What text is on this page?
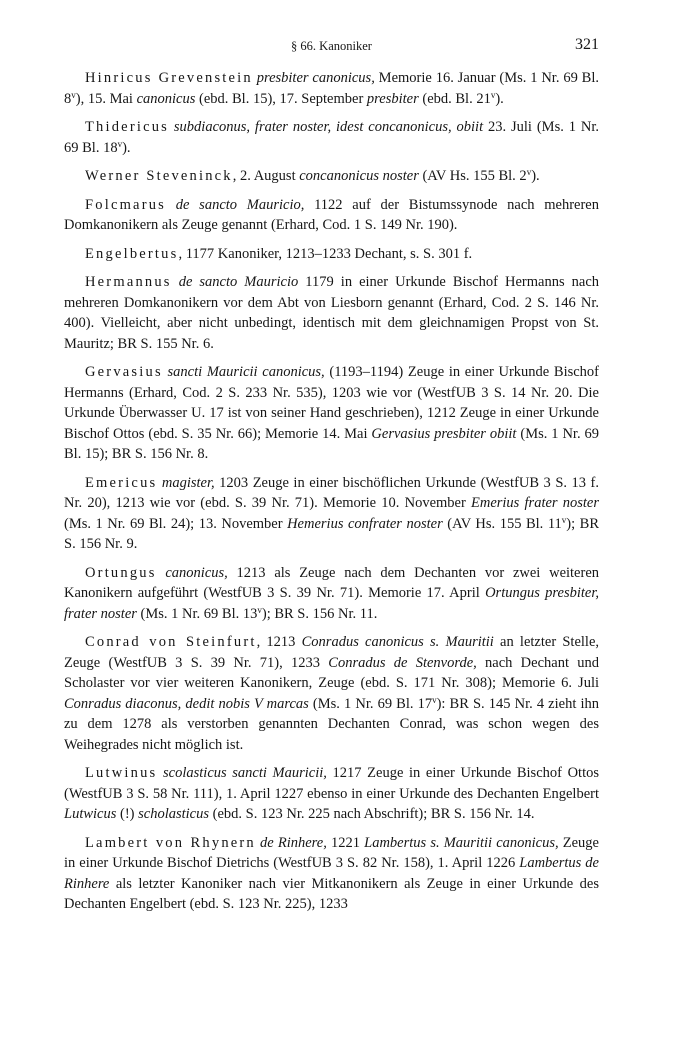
§ 66. Kanoniker	321

Hinricus Grevenstein presbiter canonicus, Memorie 16. Januar (Ms. 1 Nr. 69 Bl. 8$^v$), 15. Mai canonicus (ebd. Bl. 15), 17. September presbiter (ebd. Bl. 21$^v$).

Thidericus subdiaconus, frater noster, idest concanonicus, obiit 23. Juli (Ms. 1 Nr. 69 Bl. 18$^v$).

Werner Steveninck, 2. August concanonicus noster (AV Hs. 155 Bl. 2$^v$).

Folcmarus de sancto Mauricio, 1122 auf der Bistumssynode nach mehreren Domkanonikern als Zeuge genannt (Erhard, Cod. 1 S. 149 Nr. 190).

Engelbertus, 1177 Kanoniker, 1213–1233 Dechant, s. S. 301 f.

Hermannus de sancto Mauricio 1179 in einer Urkunde Bischof Hermanns nach mehreren Domkanonikern vor dem Abt von Liesborn genannt (Erhard, Cod. 2 S. 146 Nr. 400). Vielleicht, aber nicht unbedingt, identisch mit dem gleichnamigen Propst von St. Mauritz; BR S. 155 Nr. 6.

Gervasius sancti Mauricii canonicus, (1193–1194) Zeuge in einer Urkunde Bischof Hermanns (Erhard, Cod. 2 S. 233 Nr. 535), 1203 wie vor (WestfUB 3 S. 14 Nr. 20. Die Urkunde Überwasser U. 17 ist von seiner Hand geschrieben), 1212 Zeuge in einer Urkunde Bischof Ottos (ebd. S. 35 Nr. 66); Memorie 14. Mai Gervasius presbiter obiit (Ms. 1 Nr. 69 Bl. 15); BR S. 156 Nr. 8.

Emericus magister, 1203 Zeuge in einer bischöflichen Urkunde (WestfUB 3 S. 13 f. Nr. 20), 1213 wie vor (ebd. S. 39 Nr. 71). Memorie 10. November Emerius frater noster (Ms. 1 Nr. 69 Bl. 24); 13. November Hemerius confrater noster (AV Hs. 155 Bl. 11$^v$); BR S. 156 Nr. 9.

Ortungus canonicus, 1213 als Zeuge nach dem Dechanten vor zwei weiteren Kanonikern aufgeführt (WestfUB 3 S. 39 Nr. 71). Memorie 17. April Ortungus presbiter, frater noster (Ms. 1 Nr. 69 Bl. 13$^v$); BR S. 156 Nr. 11.

Conrad von Steinfurt, 1213 Conradus canonicus s. Mauritii an letzter Stelle, Zeuge (WestfUB 3 S. 39 Nr. 71), 1233 Conradus de Stenvorde, nach Dechant und Scholaster vor vier weiteren Kanonikern, Zeuge (ebd. S. 171 Nr. 308); Memorie 6. Juli Conradus diaconus, dedit nobis V marcas (Ms. 1 Nr. 69 Bl. 17$^v$): BR S. 145 Nr. 4 zieht ihn zu dem 1278 als verstorben genannten Dechanten Conrad, was schon wegen des Weihegrades nicht möglich ist.

Lutwinus scolasticus sancti Mauricii, 1217 Zeuge in einer Urkunde Bischof Ottos (WestfUB 3 S. 58 Nr. 111), 1. April 1227 ebenso in einer Urkunde des Dechanten Engelbert Lutwicus (!) scholasticus (ebd. S. 123 Nr. 225 nach Abschrift); BR S. 156 Nr. 14.

Lambert von Rhynern de Rinhere, 1221 Lambertus s. Mauritii canonicus, Zeuge in einer Urkunde Bischof Dietrichs (WestfUB 3 S. 82 Nr. 158), 1. April 1226 Lambertus de Rinhere als letzter Kanoniker nach vier Mitkanonikern als Zeuge in einer Urkunde des Dechanten Engelbert (ebd. S. 123 Nr. 225), 1233
